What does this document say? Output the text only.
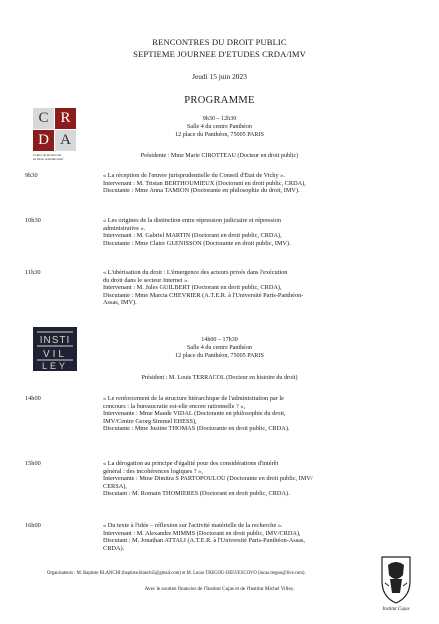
RENCONTRES DU DROIT PUBLIC
SEPTIEME JOURNEE D'ETUDES CRDA/IMV
Jeudi 15 juin 2023
PROGRAMME
C R
D A
Centre de Recherche
en Droit Administratif
9h30 – 12h30
Salle 4 du centre Panthéon
12 place du Panthéon, 75005 PARIS
Présidente : Mme Marie CIROTTEAU (Docteur en droit public)
9h30	« La réception de l'œuvre jurisprudentielle du Conseil d'État de Vichy ».
Intervenant : M. Tristan BERTHOUMIEUX (Doctorant en droit public, CRDA),
Discutante : Mme Anna TAMION (Doctorante en philosophie du droit, IMV).
10h30	« Les origines de la distinction entre répression judiciaire et répression
administrative ».
Intervenant : M. Gabriel MARTIN (Doctorant en droit public, CRDA),
Discutante : Mme Claire GLENISSON (Doctorante en droit public, IMV).
11h30	« L'ubérisation du droit : L'émergence des acteurs privés dans l'exécution
du droit dans le secteur Internet ».
Intervenant : M. Jules GUILBERT (Doctorant en droit public, CRDA),
Discutante : Mme Marcia CHEVRIER (A.T.E.R. à l'Université Paris-Panthéon-
Assas, IMV).
INSTI
VIL
LEY
14h00 – 17h30
Salle 4 du centre Panthéon
12 place du Panthéon, 75005 PARIS
Président : M. Louis TERRACOL (Docteur en histoire du droit)
14h00	« Le renforcement de la structure hiérarchique de l'administration par le
concours : la bureaucratie est-elle encore rationnelle ? »,
Intervenante : Mme Maude VIDAL (Doctorante en philosophie du droit,
IMV/Centre Georg Simmel EHESS),
Discutante : Mme Justine THOMAS (Doctorante en droit public, CRDA).
15h00	« La dérogation au principe d'égalité pour des considérations d'intérêt
général : des incohérences logiques ? »,
Intervenante : Mme Dimitra S PARTOPOULOU (Doctorante en droit public, IMV/
CERSA),
Discutant : M. Romain THOMIERES (Doctorant en droit public, CRDA).
16h00	« Du texte à l'idée – réflexion sur l'activité matérielle de la recherche ».
Intervenant : M. Alexandre MIMMS (Doctorant en droit public, IMV/CRDA),
Discutant : M. Jonathan ATTALI (A.T.E.R. à l'Université Paris-Panthéon-Assas,
CRDA).
Organisateurs : M. Baptiste BLANCHI (baptiste.blanchi5@gmail.com) et M. Lucas TREGOU-DELVESCOVO (lucas.tregou@live.com).
Avec le soutien financier de l'Institut Cujas et de l'Institut Michel Villey.
Institut Cujas
